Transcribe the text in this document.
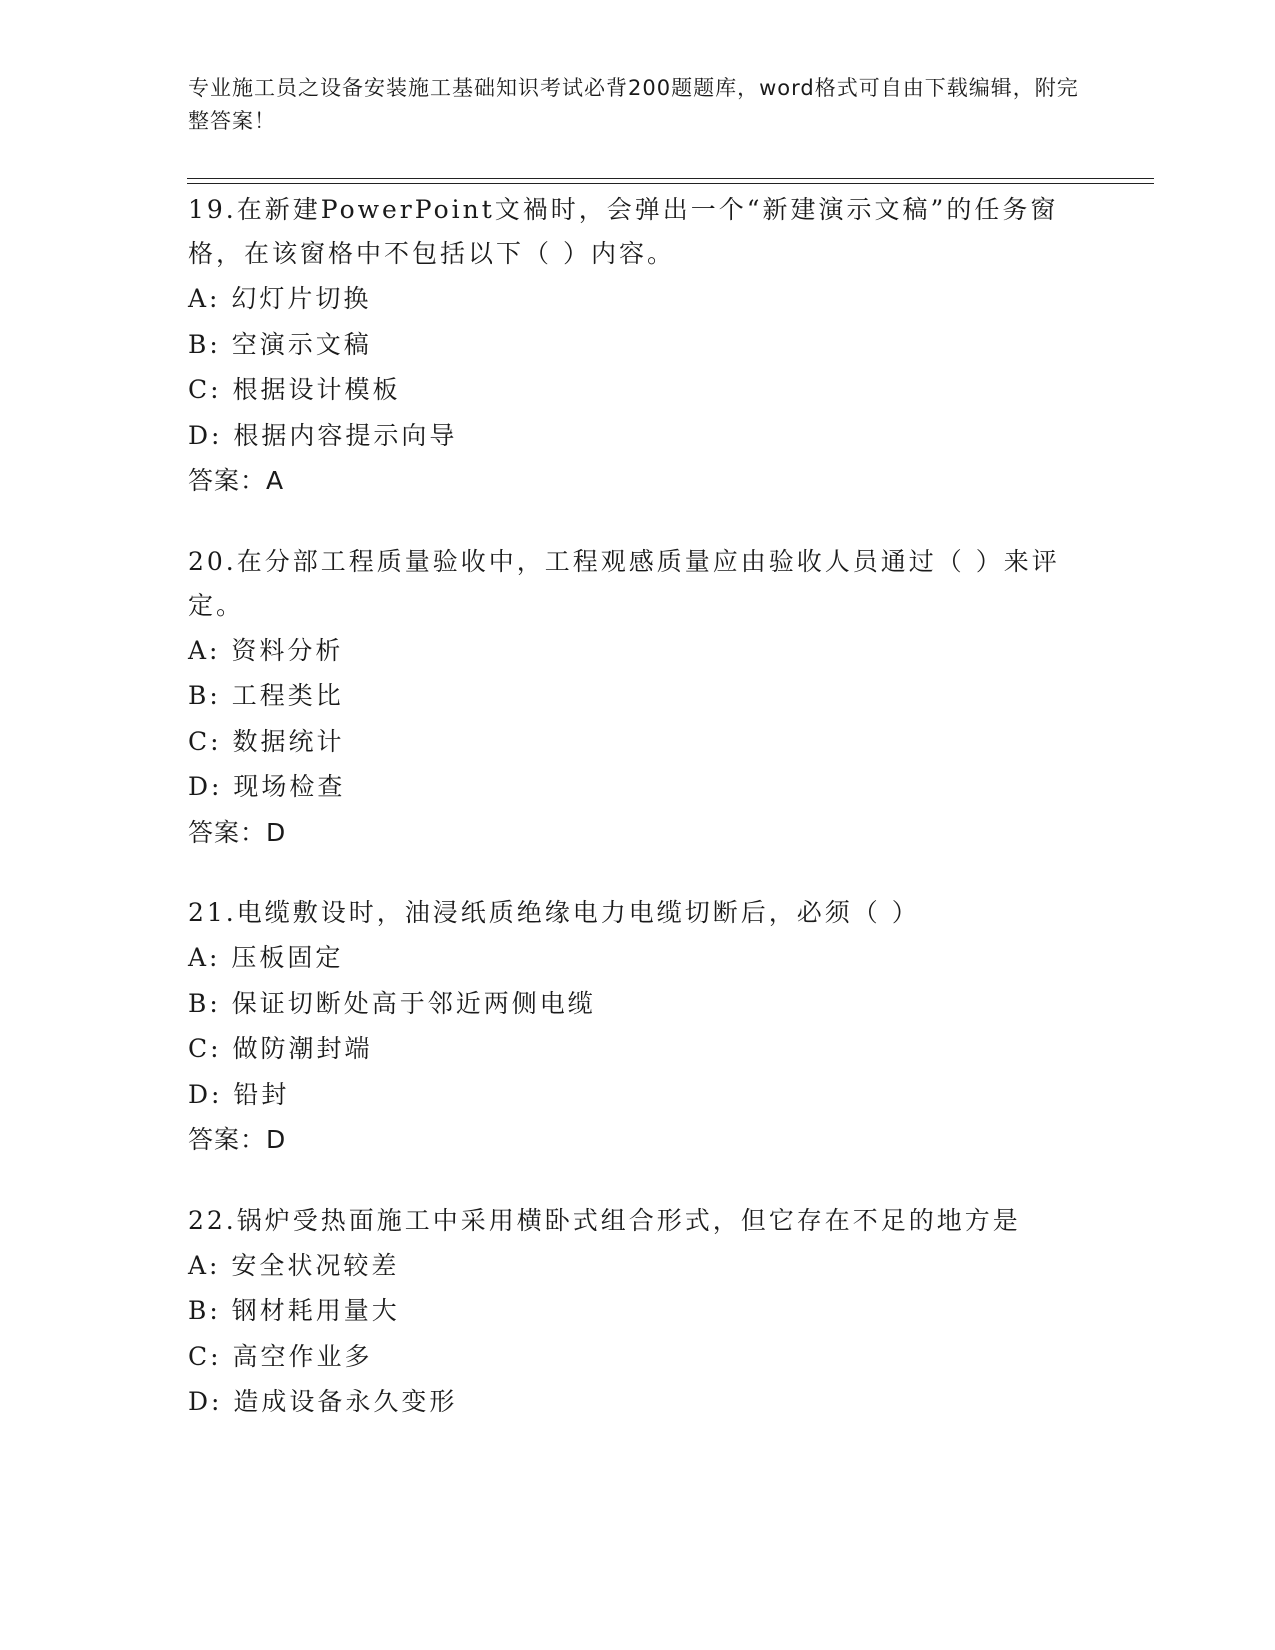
专业施工员之设备安装施工基础知识考试必背200题题库，word格式可自由下载编辑，附完整答案！
19.在新建PowerPoint文禍时，会弹出一个“新建演示文稿”的任务窗格，在该窗格中不包括以下（ ）内容。
A: 幻灯片切换
B: 空演示文稿
C: 根据设计模板
D: 根据内容提示向导
答案：A
20.在分部工程质量验收中，工程观感质量应由验收人员通过（ ）来评定。
A: 资料分析
B: 工程类比
C: 数据统计
D: 现场检查
答案：D
21.电缆敷设时，油浸纸质绝缘电力电缆切断后，必须（ ）
A: 压板固定
B: 保证切断处高于邻近两侧电缆
C: 做防潮封端
D: 铅封
答案：D
22.锅炉受热面施工中采用横卧式组合形式，但它存在不足的地方是
A: 安全状况较差
B: 钢材耗用量大
C: 高空作业多
D: 造成设备永久变形
